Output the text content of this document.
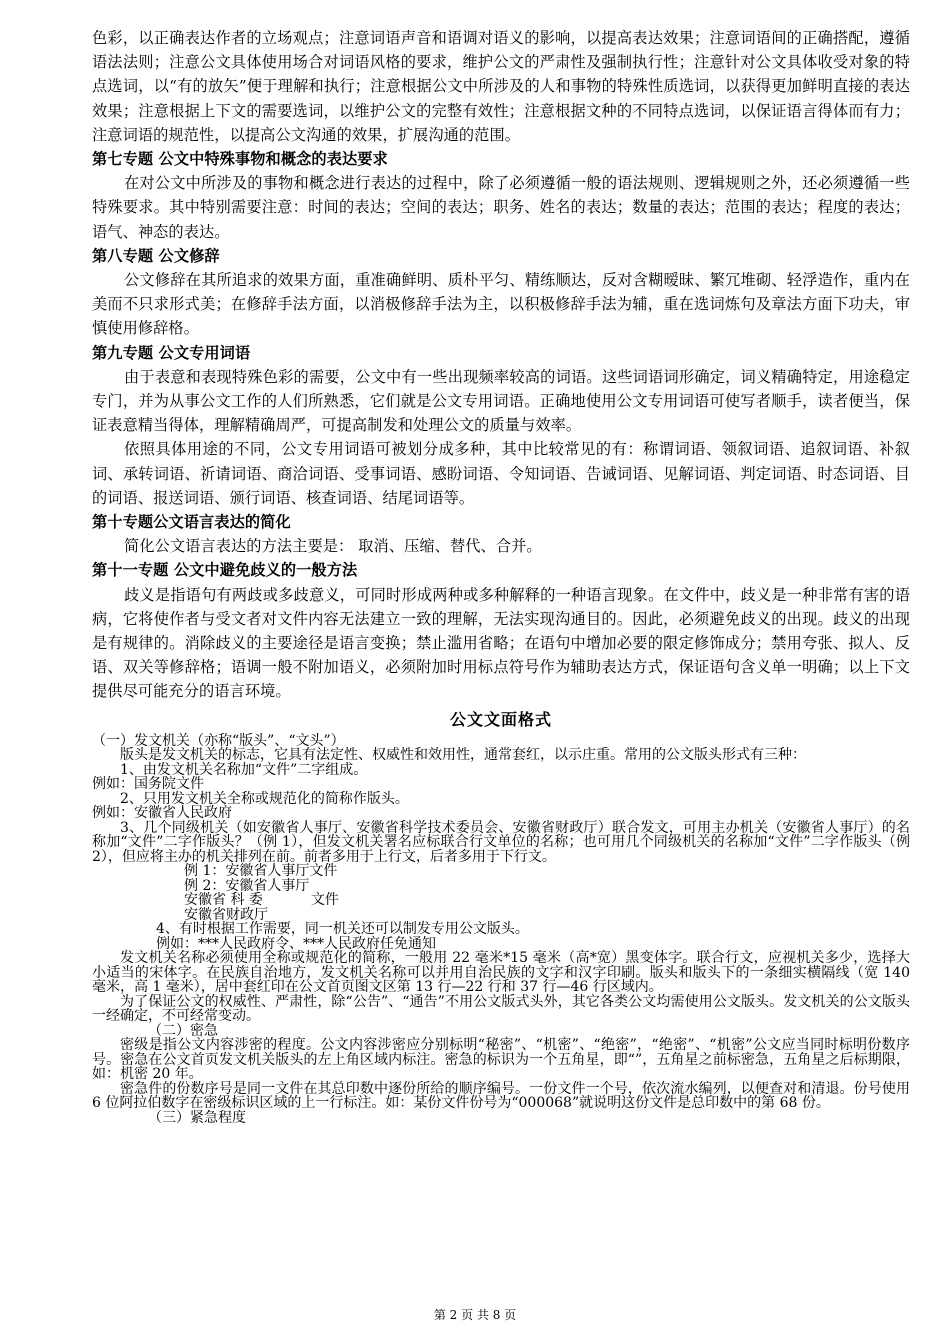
色彩，以正确表达作者的立场观点；注意词语声音和语调对语义的影响，以提高表达效果；注意词语间的正确搭配，遵循语法法则；注意公文具体使用场合对词语风格的要求，维护公文的严肃性及强制执行性；注意针对公文具体收受对象的特点选词，以“有的放矢”便于理解和执行；注意根据公文中所涉及的人和事物的特殊性质选词，以获得更加鲜明直接的表达效果；注意根据上下文的需要选词，以维护公文的完整有效性；注意根据文种的不同特点选词，以保证语言得体而有力；注意词语的规范性，以提高公文沟通的效果，扩展沟通的范围。

第七专题 公文中特殊事物和概念的表达要求

在对公文中所涉及的事物和概念进行表达的过程中，除了必须遵循一般的语法规则、逻辑规则之外，还必须遵循一些特殊要求。其中特别需要注意：时间的表达；空间的表达；职务、姓名的表达；数量的表达；范围的表达；程度的表达；语气、神态的表达。

第八专题 公文修辞

公文修辞在其所追求的效果方面，重准确鲜明、质朴平匀、精练顺达，反对含糊暧昧、繁冗堆砌、轻浮造作，重内在美而不只求形式美；在修辞手法方面，以消极修辞手法为主，以积极修辞手法为辅，重在选词炼句及章法方面下功夫，审慎使用修辞格。

第九专题 公文专用词语

由于表意和表现特殊色彩的需要，公文中有一些出现频率较高的词语。这些词语词形确定，词义精确特定，用途稳定专门，并为从事公文工作的人们所熟悉，它们就是公文专用词语。正确地使用公文专用词语可使写者顺手，读者便当，保证表意精当得体，理解精确周严，可提高制发和处理公文的质量与效率。

依照具体用途的不同，公文专用词语可被划分成多种，其中比较常见的有：称谓词语、领叙词语、追叙词语、补叙词、承转词语、祈请词语、商洽词语、受事词语、感盼词语、令知词语、告诫词语、见解词语、判定词语、时态词语、目的词语、报送词语、颁行词语、核查词语、结尾词语等。

第十专题公文语言表达的简化

简化公文语言表达的方法主要是： 取消、压缩、替代、合并。

第十一专题 公文中避免歧义的一般方法

歧义是指语句有两歧或多歧意义，可同时形成两种或多种解释的一种语言现象。在文件中，歧义是一种非常有害的语病，它将使作者与受文者对文件内容无法建立一致的理解，无法实现沟通目的。因此，必须避免歧义的出现。歧义的出现是有规律的。消除歧义的主要途径是语言变换；禁止滥用省略；在语句中增加必要的限定修饰成分；禁用夸张、拟人、反语、双关等修辞格；语调一般不附加语义，必须附加时用标点符号作为辅助表达方式，保证语句含义单一明确；以上下文提供尽可能充分的语言环境。

公文文面格式

（一）发文机关（亦称“版头”、“文头”）

版头是发文机关的标志，它具有法定性、权威性和效用性，通常套红，以示庄重。常用的公文版头形式有三种：

1、由发文机关名称加“文件”二字组成。

例如：国务院文件

2、只用发文机关全称或规范化的简称作版头。

例如：安徽省人民政府

3、几个同级机关（如安徽省人事厅、安徽省科学技术委员会、安徽省财政厅）联合发文，可用主办机关（安徽省人事厅）的名称加“文件”二字作版头？（例 1），但发文机关署名应标联合行文单位的名称；也可用几个同级机关的名称加“文件”二字作版头（例 2），但应将主办的机关排列在前。前者多用于上行文，后者多用于下行文。

例 1：安徽省人事厅文件

例 2：安徽省人事厅

安徽省 科 委	文件

安徽省财政厅

4、有时根据工作需要，同一机关还可以制发专用公文版头。

例如：***人民政府令、***人民政府任免通知

发文机关名称必须使用全称或规范化的简称，一般用 22 毫米*15 毫米（高*宽）黑变体字。联合行文，应视机关多少，选择大小适当的宋体字。在民族自治地方，发文机关名称可以并用自治民族的文字和汉字印刷。版头和版头下的一条细实横隔线（宽 140 毫米，高 1 毫米），居中套红印在公文首页图文区第 13 行—22 行和 37 行—46 行区域内。

为了保证公文的权威性、严肃性，除“公告”、“通告”不用公文版式头外，其它各类公文均需使用公文版头。发文机关的公文版头一经确定，不可经常变动。

（二）密急

密级是指公文内容涉密的程度。公文内容涉密应分别标明“秘密”、“机密”、“绝密”，“绝密”、“机密”公文应当同时标明份数序号。密急在公文首页发文机关版头的左上角区域内标注。密急的标识为一个五角星，即“”，五角星之前标密急，五角星之后标期限，如：机密 20 年。

密急件的份数序号是同一文件在其总印数中逐份所给的顺序编号。一份文件一个号，依次流水编列，以便查对和清退。份号使用 6 位阿拉伯数字在密级标识区域的上一行标注。如：某份文件份号为“000068”就说明这份文件是总印数中的第 68 份。

（三）紧急程度

第 2 页 共 8 页
